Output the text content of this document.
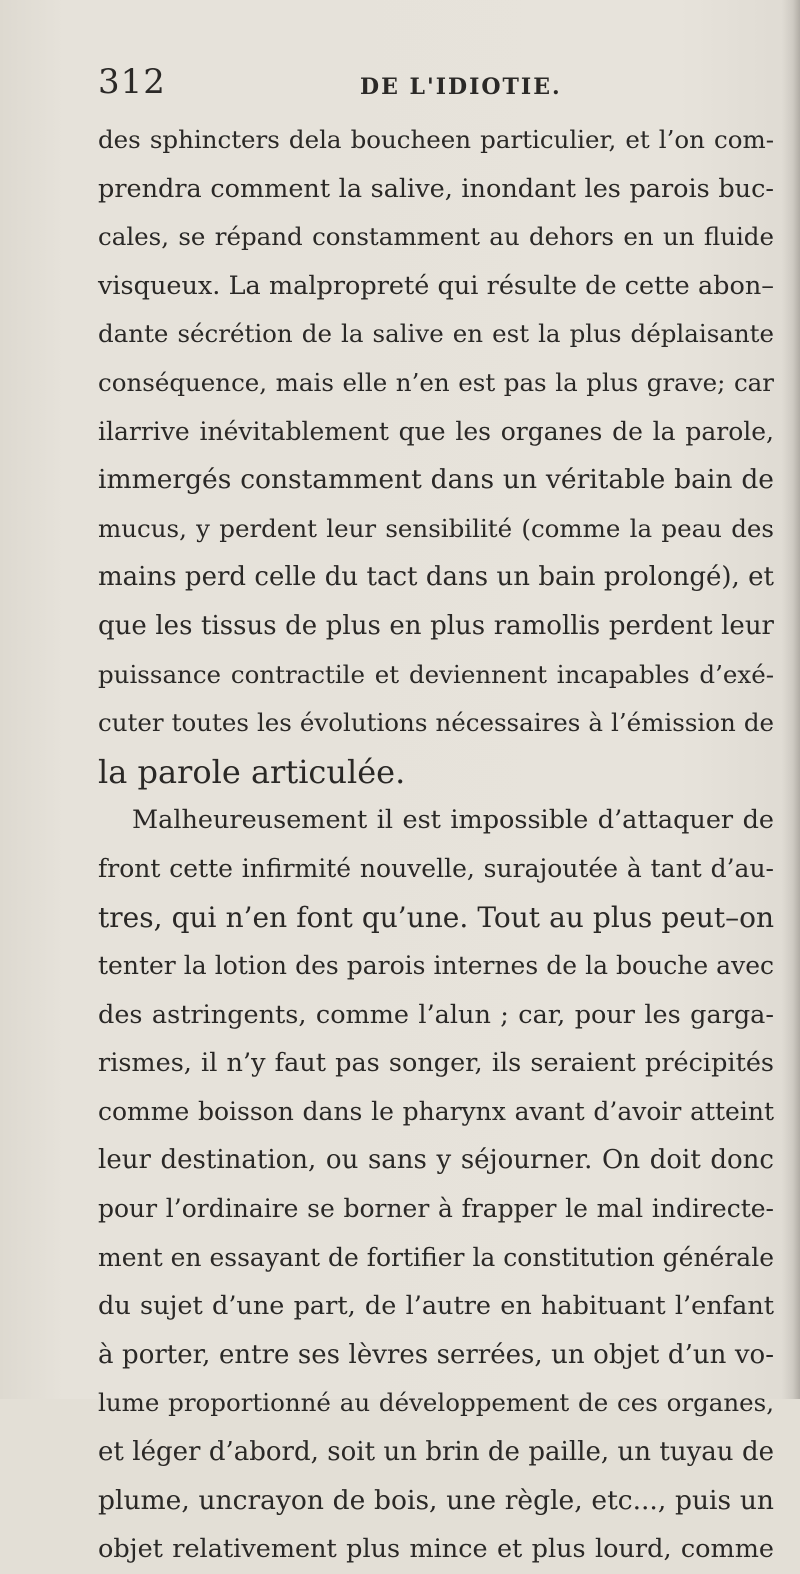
312	DE L'IDIOTIE.
des sphincters dela boucheen particulier, et l’on com-
prendra comment la salive, inondant les parois buc-
cales, se répand constamment au dehors en un fluide
visqueux. La malpropreté qui résulte de cette abon–
dante sécrétion de la salive en est la plus déplaisante
conséquence, mais elle n’en est pas la plus grave; car
ilarrive inévitablement que les organes de la parole,
immergés constamment dans un véritable bain de
mucus, y perdent leur sensibilité (comme la peau des
mains perd celle du tact dans un bain prolongé), et
que les tissus de plus en plus ramollis perdent leur
puissance contractile et deviennent incapables d’exé-
cuter toutes les évolutions nécessaires à l’émission de
la parole articulée.
Malheureusement il est impossible d’attaquer de
front cette infirmité nouvelle, surajoutée à tant d’au-
tres, qui n’en font qu’une. Tout au plus peut–on
tenter la lotion des parois internes de la bouche avec
des astringents, comme l’alun ; car, pour les garga-
rismes, il n’y faut pas songer, ils seraient précipités
comme boisson dans le pharynx avant d’avoir atteint
leur destination, ou sans y séjourner. On doit donc
pour l’ordinaire se borner à frapper le mal indirecte-
ment en essayant de fortifier la constitution générale
du sujet d’une part, de l’autre en habituant l’enfant
à porter, entre ses lèvres serrées, un objet d’un vo-
lume proportionné au développement de ces organes,
et léger d’abord, soit un brin de paille, un tuyau de
plume, uncrayon de bois, une règle, etc..., puis un
objet relativement plus mince et plus lourd, comme
